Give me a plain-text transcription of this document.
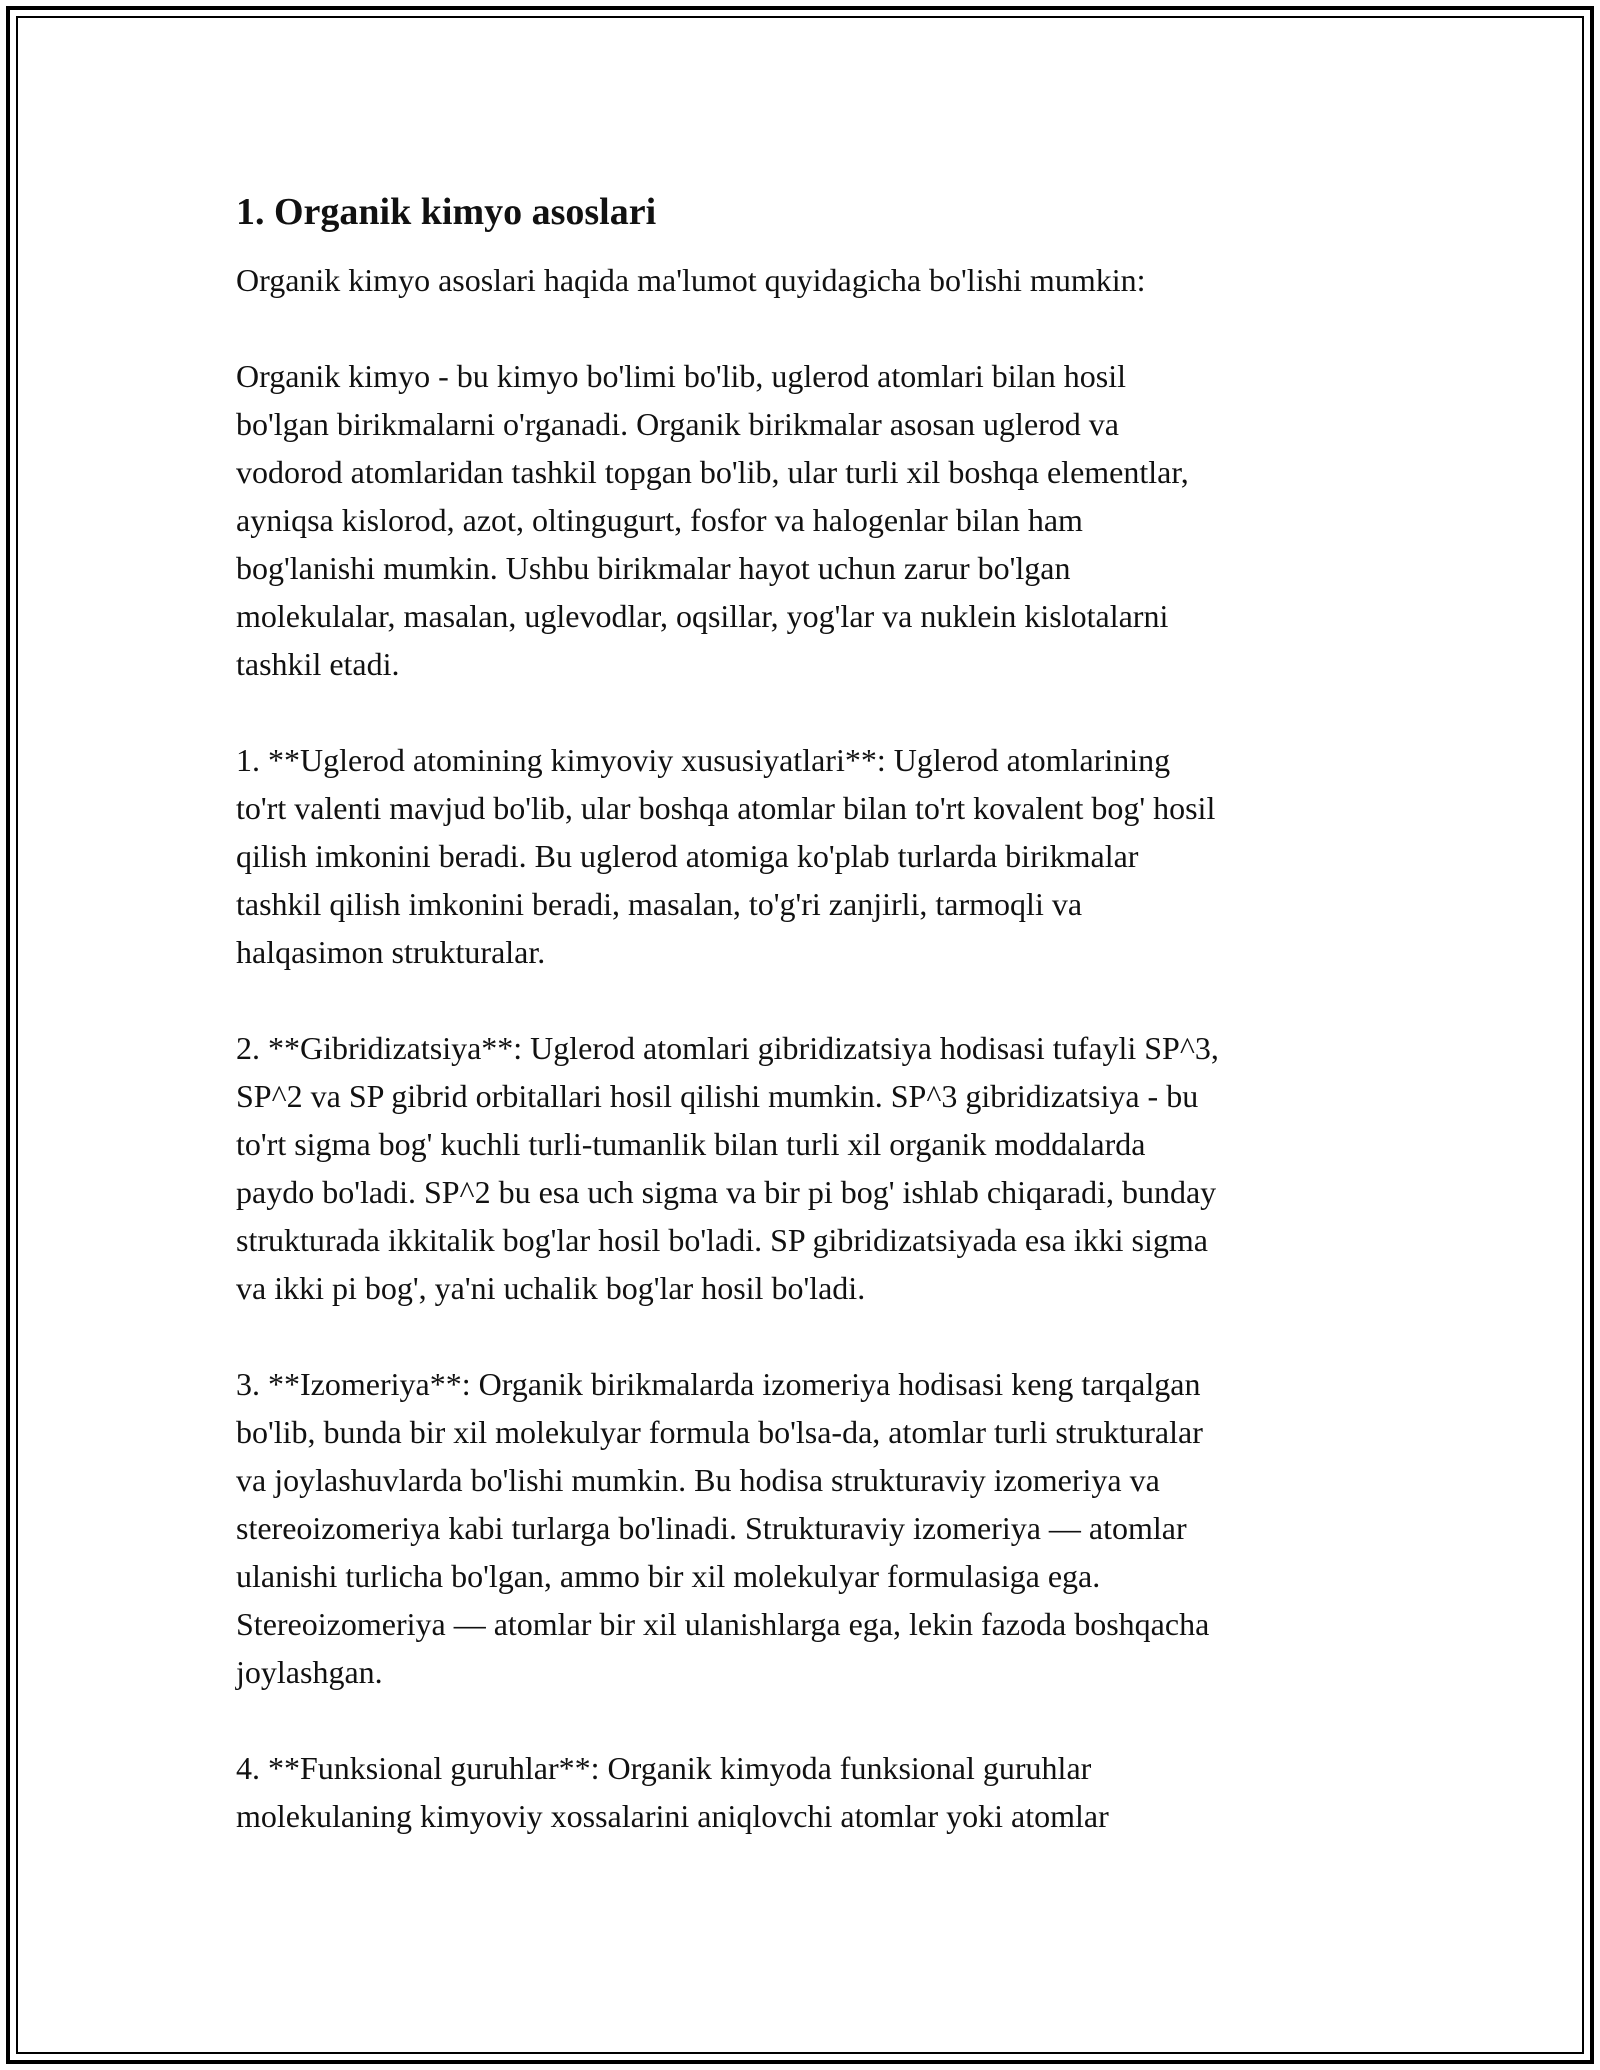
1. Organik kimyo asoslari

Organik kimyo asoslari haqida ma'lumot quyidagicha bo'lishi mumkin:

Organik kimyo - bu kimyo bo'limi bo'lib, uglerod atomlari bilan hosil
bo'lgan birikmalarni o'rganadi. Organik birikmalar asosan uglerod va
vodorod atomlaridan tashkil topgan bo'lib, ular turli xil boshqa elementlar,
ayniqsa kislorod, azot, oltingugurt, fosfor va halogenlar bilan ham
bog'lanishi mumkin. Ushbu birikmalar hayot uchun zarur bo'lgan
molekulalar, masalan, uglevodlar, oqsillar, yog'lar va nuklein kislotalarni
tashkil etadi.

1. **Uglerod atomining kimyoviy xususiyatlari**: Uglerod atomlarining
to'rt valenti mavjud bo'lib, ular boshqa atomlar bilan to'rt kovalent bog' hosil
qilish imkonini beradi. Bu uglerod atomiga ko'plab turlarda birikmalar
tashkil qilish imkonini beradi, masalan, to'g'ri zanjirli, tarmoqli va
halqasimon strukturalar.

2. **Gibridizatsiya**: Uglerod atomlari gibridizatsiya hodisasi tufayli SP^3,
SP^2 va SP gibrid orbitallari hosil qilishi mumkin. SP^3 gibridizatsiya - bu
to'rt sigma bog' kuchli turli-tumanlik bilan turli xil organik moddalarda
paydo bo'ladi. SP^2 bu esa uch sigma va bir pi bog' ishlab chiqaradi, bunday
strukturada ikkitalik bog'lar hosil bo'ladi. SP gibridizatsiyada esa ikki sigma
va ikki pi bog', ya'ni uchalik bog'lar hosil bo'ladi.

3. **Izomeriya**: Organik birikmalarda izomeriya hodisasi keng tarqalgan
bo'lib, bunda bir xil molekulyar formula bo'lsa-da, atomlar turli strukturalar
va joylashuvlarda bo'lishi mumkin. Bu hodisa strukturaviy izomeriya va
stereoizomeriya kabi turlarga bo'linadi. Strukturaviy izomeriya — atomlar
ulanishi turlicha bo'lgan, ammo bir xil molekulyar formulasiga ega.
Stereoizomeriya — atomlar bir xil ulanishlarga ega, lekin fazoda boshqacha
joylashgan.

4. **Funksional guruhlar**: Organik kimyoda funksional guruhlar
molekulaning kimyoviy xossalarini aniqlovchi atomlar yoki atomlar
